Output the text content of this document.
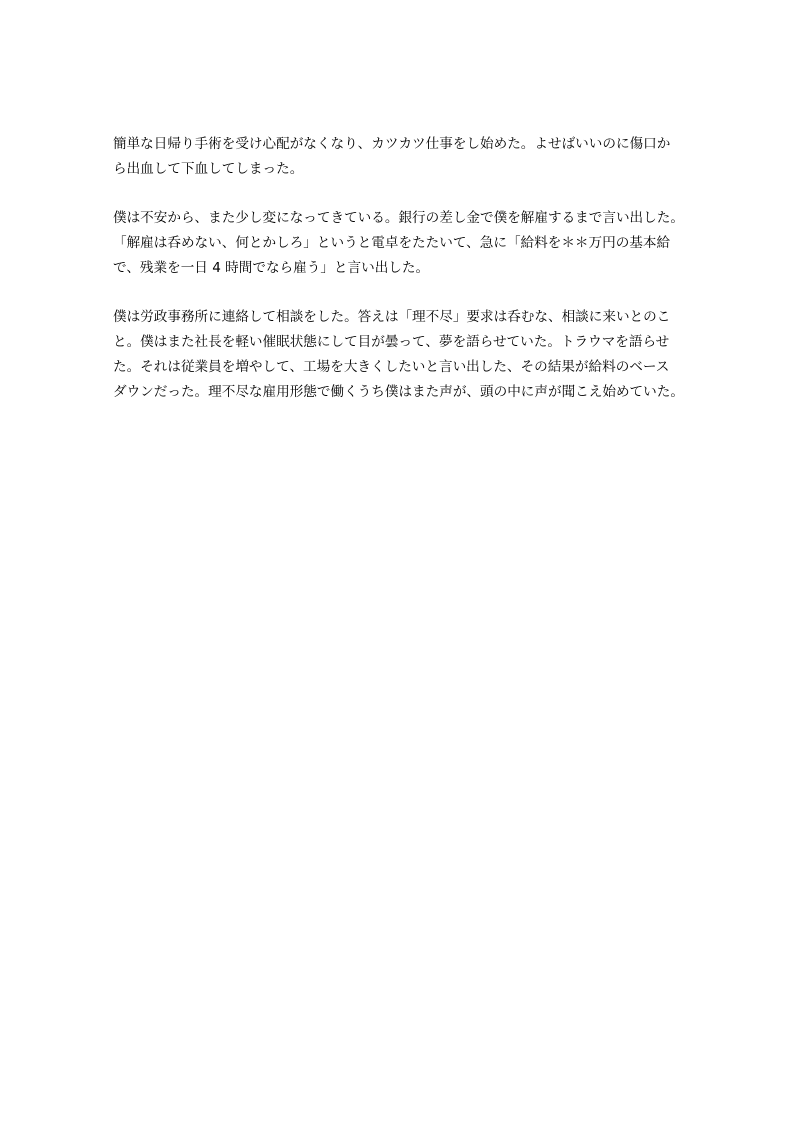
簡単な日帰り手術を受け心配がなくなり、カツカツ仕事をし始めた。よせばいいのに傷口か
ら出血して下血してしまった。

僕は不安から、また少し変になってきている。銀行の差し金で僕を解雇するまで言い出した。
「解雇は呑めない、何とかしろ」というと電卓をたたいて、急に「給料を＊＊万円の基本給
で、残業を一日 4 時間でなら雇う」と言い出した。

僕は労政事務所に連絡して相談をした。答えは「理不尽」要求は呑むな、相談に来いとのこ
と。僕はまた社長を軽い催眠状態にして目が曇って、夢を語らせていた。トラウマを語らせ
た。それは従業員を増やして、工場を大きくしたいと言い出した、その結果が給料のベース
ダウンだった。理不尽な雇用形態で働くうち僕はまた声が、頭の中に声が聞こえ始めていた。
